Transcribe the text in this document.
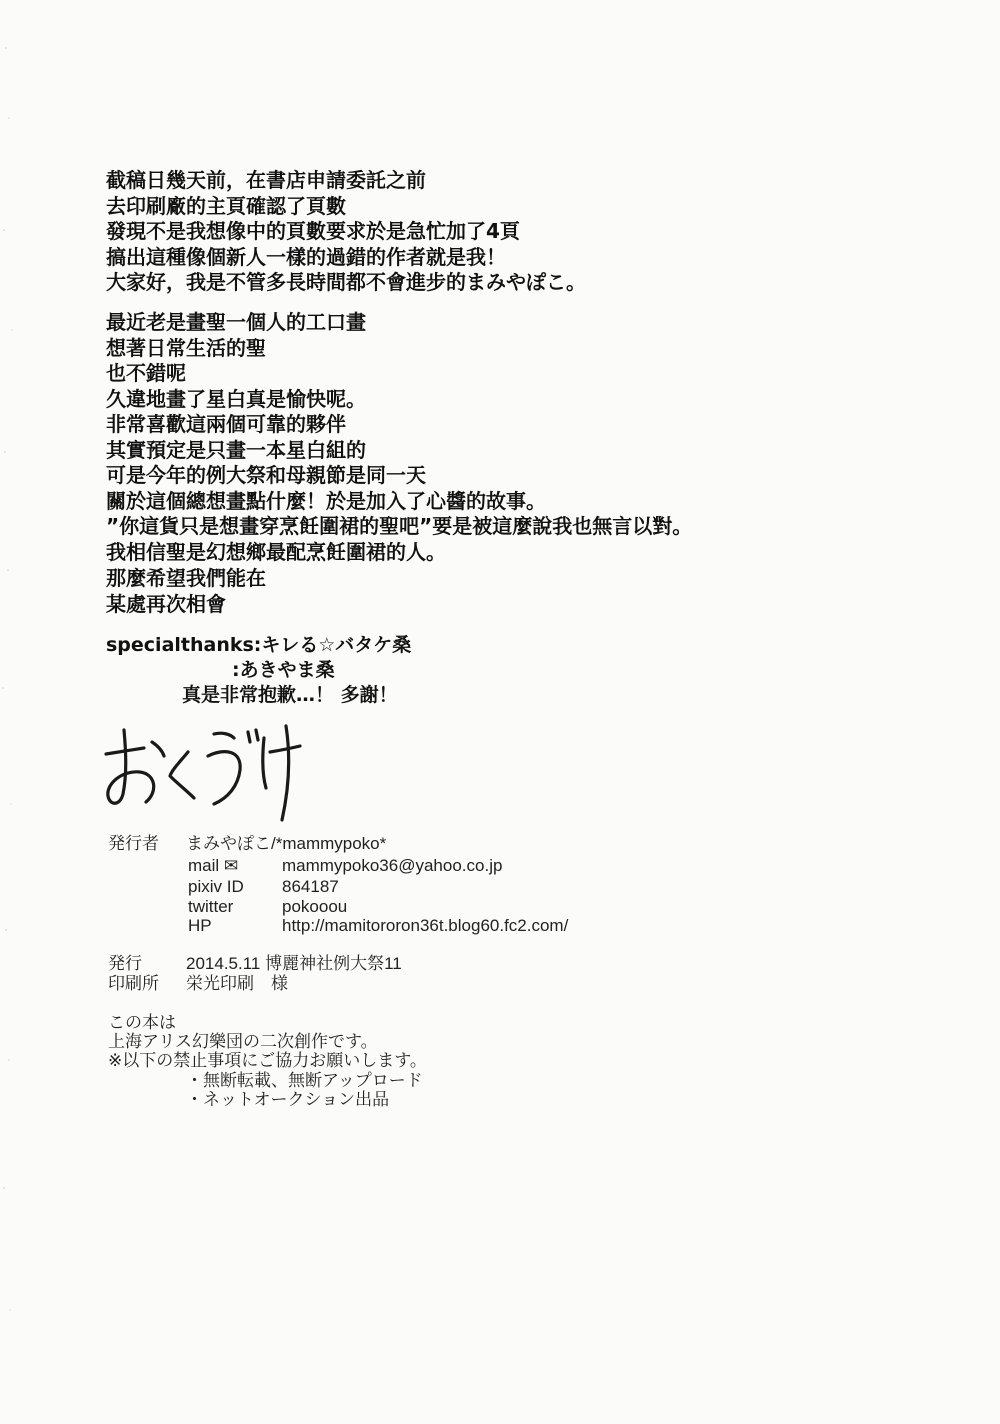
截稿日幾天前，在書店申請委託之前
去印刷廠的主頁確認了頁數
發現不是我想像中的頁數要求於是急忙加了4頁
搞出這種像個新人一樣的過錯的作者就是我！
大家好，我是不管多長時間都不會進步的まみやぽこ。
最近老是畫聖一個人的工口畫
想著日常生活的聖
也不錯呢
久違地畫了星白真是愉快呢。
非常喜歡這兩個可靠的夥伴
其實預定是只畫一本星白組的
可是今年的例大祭和母親節是同一天
關於這個總想畫點什麼！於是加入了心醬的故事。
”你這貨只是想畫穿烹飪圍裙的聖吧”要是被這麼說我也無言以對。
我相信聖是幻想鄉最配烹飪圍裙的人。
那麼希望我們能在
某處再次相會
specialthanks:キレる☆バタケ桑
:あきやま桑
真是非常抱歉…！ 多謝！
発行者 まみやぽこ/*mammypoko*
mail ✉	mammypoko36@yahoo.co.jp
pixiv ID 864187
twitter	pokooou
HP	http://mamitororon36t.blog60.fc2.com/
発行	2014.5.11 博麗神社例大祭11
印刷所 栄光印刷　様
この本は
上海アリス幻樂団の二次創作です。
※以下の禁止事項にご協力お願いします。
・無断転載、無断アップロード
・ネットオークション出品
